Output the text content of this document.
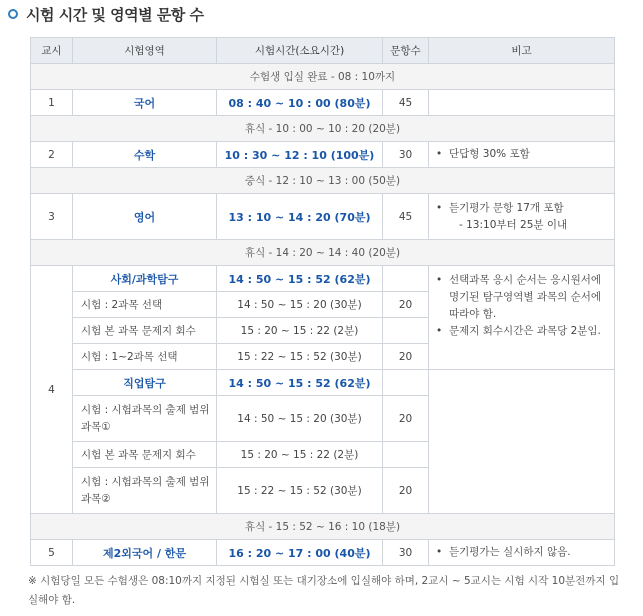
시험 시간 및 영역별 문항 수
교시	시험영역	시험시간(소요시간)	문항수	비고
수험생 입실 완료 - 08 : 10까지				
1	국어	08 : 40 ~ 10 : 00 (80분)	45	
휴식 - 10 : 00 ~ 10 : 20 (20분)				
2	수학	10 : 30 ~ 12 : 10 (100분)	30	• 단답형 30% 포함

중식 - 12 : 10 ~ 13 : 00 (50분)				
3	영어	13 : 10 ~ 14 : 20 (70분)	45	• 듣기평가 문항 17개 포함
- 13:10부터 25분 이내

휴식 - 14 : 20 ~ 14 : 40 (20분)				
4	사회/과학탐구	14 : 50 ~ 15 : 52 (62분)		• 선택과목 응시 순서는 응시원서에 명기된 탐구영역별 과목의 순서에 따라야 함.
• 문제지 회수시간은 과목당 2분임.

	시험 : 2과목 선택	14 : 50 ~ 15 : 20 (30분)	20	
	시험 본 과목 문제지 회수	15 : 20 ~ 15 : 22 (2분)		
	시험 : 1~2과목 선택	15 : 22 ~ 15 : 52 (30분)	20	
	직업탐구	14 : 50 ~ 15 : 52 (62분)		
	시험 : 시험과목의 출제 범위 과목①	14 : 50 ~ 15 : 20 (30분)	20	
	시험 본 과목 문제지 회수	15 : 20 ~ 15 : 22 (2분)		
	시험 : 시험과목의 출제 범위 과목②	15 : 22 ~ 15 : 52 (30분)	20	
휴식 - 15 : 52 ~ 16 : 10 (18분)				
5	제2외국어 / 한문	16 : 20 ~ 17 : 00 (40분)	30	• 듣기평가는 실시하지 않음.
※ 시험당일 모든 수험생은 08:10까지 지정된 시험실 또는 대기장소에 입실해야 하며, 2교시 ~ 5교시는 시험 시작 10분전까지 입실해야 함.
